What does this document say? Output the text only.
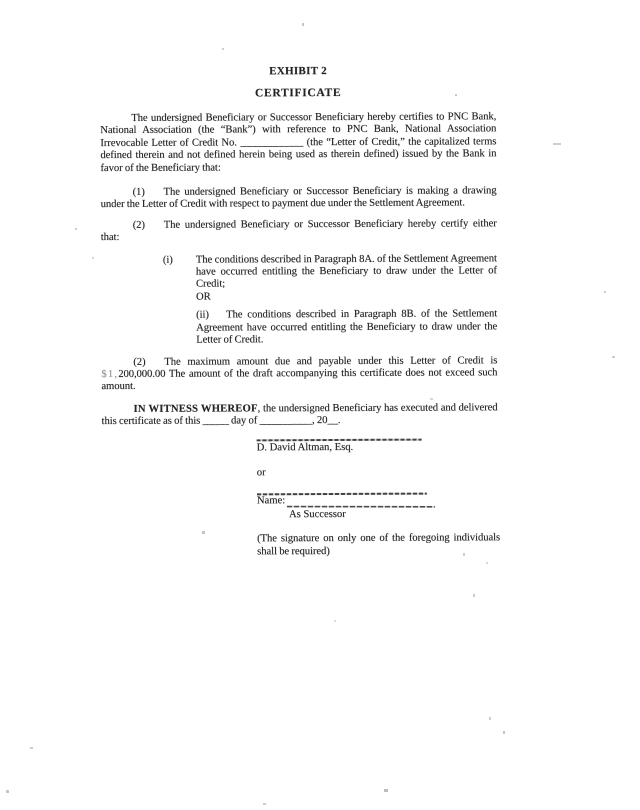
EXHIBIT 2
CERTIFICATE

The undersigned Beneficiary or Successor Beneficiary hereby certifies to PNC Bank, National Association (the “Bank”) with reference to PNC Bank, National Association Irrevocable Letter of Credit No. ____________ (the “Letter of Credit,” the capitalized terms defined therein and not defined herein being used as therein defined) issued by the Bank in favor of the Beneficiary that:

(1) The undersigned Beneficiary or Successor Beneficiary is making a drawing under the Letter of Credit with respect to payment due under the Settlement Agreement.

(2) The undersigned Beneficiary or Successor Beneficiary hereby certify either that:

(i) The conditions described in Paragraph 8A. of the Settlement Agreement have occurred entitling the Beneficiary to draw under the Letter of Credit;

OR

(ii) The conditions described in Paragraph 8B. of the Settlement Agreement have occurred entitling the Beneficiary to draw under the Letter of Credit.

(2) The maximum amount due and payable under this Letter of Credit is $1,200,000.00 The amount of the draft accompanying this certificate does not exceed such amount.

IN WITNESS WHEREOF, the undersigned Beneficiary has executed and delivered this certificate as of this _____ day of __________, 20__.

D. David Altman, Esq.
or
Name:
As Successor

(The signature on only one of the foregoing individuals shall be required)
